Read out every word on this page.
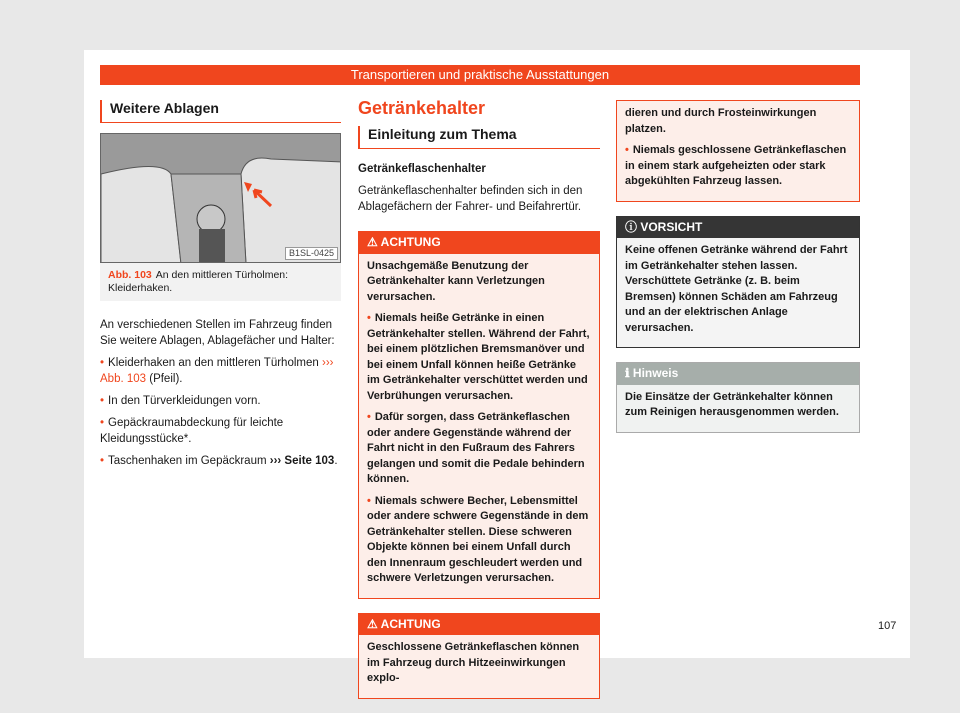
Transportieren und praktische Ausstattungen
Weitere Ablagen
B1SL-0425
Abb. 103 An den mittleren Türholmen: Kleiderhaken.

An verschiedenen Stellen im Fahrzeug finden Sie weitere Ablagen, Ablagefächer und Halter:

• Kleiderhaken an den mittleren Türholmen ››› Abb. 103 (Pfeil).

• In den Türverkleidungen vorn.

• Gepäckraumabdeckung für leichte Kleidungsstücke*.

• Taschenhaken im Gepäckraum ››› Seite 103.

Getränkehalter
Einleitung zum Thema

Getränkeflaschenhalter

Getränkeflaschenhalter befinden sich in den Ablagefächern der Fahrer- und Beifahrertür.

⚠ ACHTUNG

Unsachgemäße Benutzung der Getränkehalter kann Verletzungen verursachen.

• Niemals heiße Getränke in einen Getränkehalter stellen. Während der Fahrt, bei einem plötzlichen Bremsmanöver und bei einem Unfall können heiße Getränke im Getränkehalter verschüttet werden und Verbrühungen verursachen.

• Dafür sorgen, dass Getränkeflaschen oder andere Gegenstände während der Fahrt nicht in den Fußraum des Fahrers gelangen und somit die Pedale behindern können.

• Niemals schwere Becher, Lebensmittel oder andere schwere Gegenstände in dem Getränkehalter stellen. Diese schweren Objekte können bei einem Unfall durch den Innenraum geschleudert werden und schwere Verletzungen verursachen.

⚠ ACHTUNG

Geschlossene Getränkeflaschen können im Fahrzeug durch Hitzeeinwirkungen explo-

dieren und durch Frosteinwirkungen platzen.

• Niemals geschlossene Getränkeflaschen in einem stark aufgeheizten oder stark abgekühlten Fahrzeug lassen.

ⓘ VORSICHT

Keine offenen Getränke während der Fahrt im Getränkehalter stehen lassen. Verschüttete Getränke (z. B. beim Bremsen) können Schäden am Fahrzeug und an der elektrischen Anlage verursachen.

ℹ Hinweis

Die Einsätze der Getränkehalter können zum Reinigen herausgenommen werden.

107
